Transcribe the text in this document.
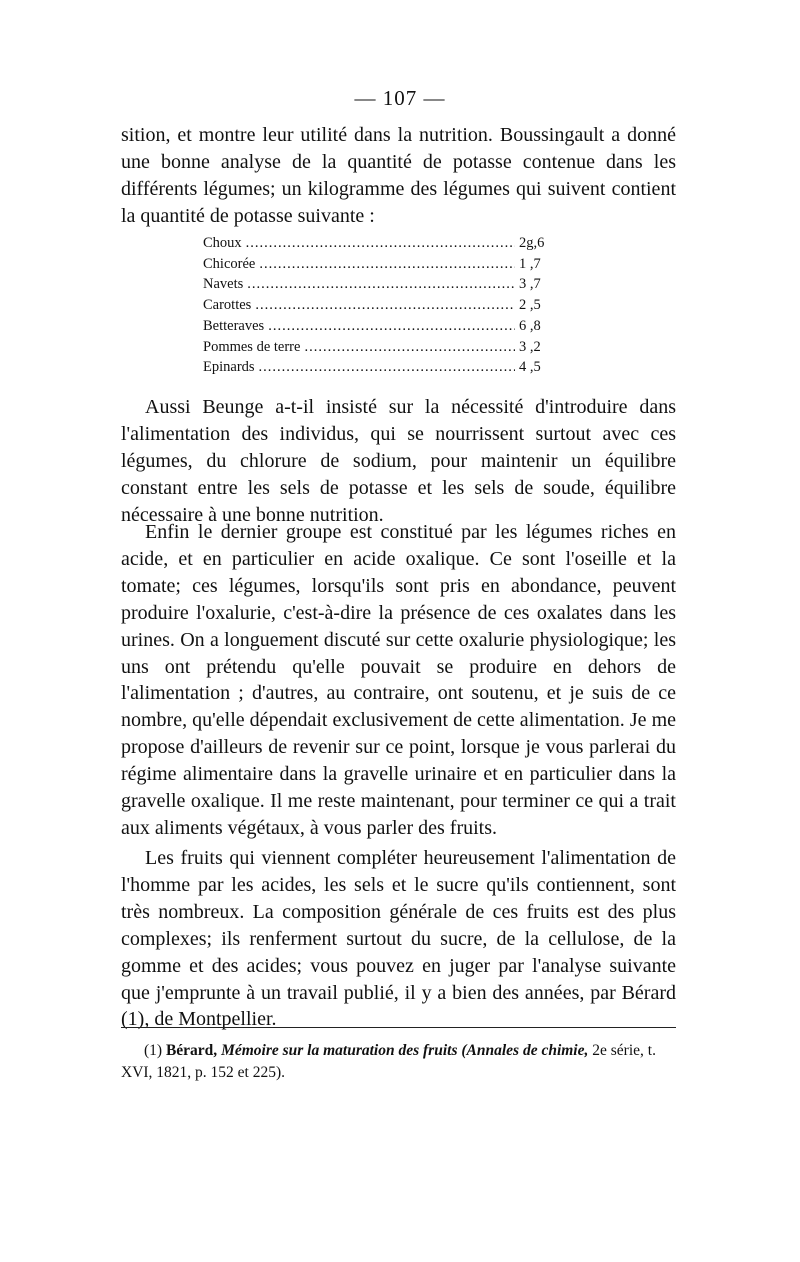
— 107 —
sition, et montre leur utilité dans la nutrition. Boussingault a donné une bonne analyse de la quantité de potasse contenue dans les différents légumes; un kilogramme des légumes qui suivent contient la quantité de potasse suivante :
Choux .....	2g,6
Chicorée .....	1 ,7
Navets .....	3 ,7
Carottes .....	2 ,5
Betteraves .....	6 ,8
Pommes de terre .....	3 ,2
Epinards .....	4 ,5
Aussi Beunge a-t-il insisté sur la nécessité d'introduire dans l'alimentation des individus, qui se nourrissent surtout avec ces légumes, du chlorure de sodium, pour maintenir un équilibre constant entre les sels de potasse et les sels de soude, équilibre nécessaire à une bonne nutrition.
Enfin le dernier groupe est constitué par les légumes riches en acide, et en particulier en acide oxalique. Ce sont l'oseille et la tomate; ces légumes, lorsqu'ils sont pris en abondance, peuvent produire l'oxalurie, c'est-à-dire la présence de ces oxalates dans les urines. On a longuement discuté sur cette oxalurie physiologique; les uns ont prétendu qu'elle pouvait se produire en dehors de l'alimentation ; d'autres, au contraire, ont soutenu, et je suis de ce nombre, qu'elle dépendait exclusivement de cette alimentation. Je me propose d'ailleurs de revenir sur ce point, lorsque je vous parlerai du régime alimentaire dans la gravelle urinaire et en particulier dans la gravelle oxalique. Il me reste maintenant, pour terminer ce qui a trait aux aliments végétaux, à vous parler des fruits.
Les fruits qui viennent compléter heureusement l'alimentation de l'homme par les acides, les sels et le sucre qu'ils contiennent, sont très nombreux. La composition générale de ces fruits est des plus complexes; ils renferment surtout du sucre, de la cellulose, de la gomme et des acides; vous pouvez en juger par l'analyse suivante que j'emprunte à un travail publié, il y a bien des années, par Bérard (1), de Montpellier.
(1) Bérard, Mémoire sur la maturation des fruits (Annales de chimie, 2e série, t. XVI, 1821, p. 152 et 225).
